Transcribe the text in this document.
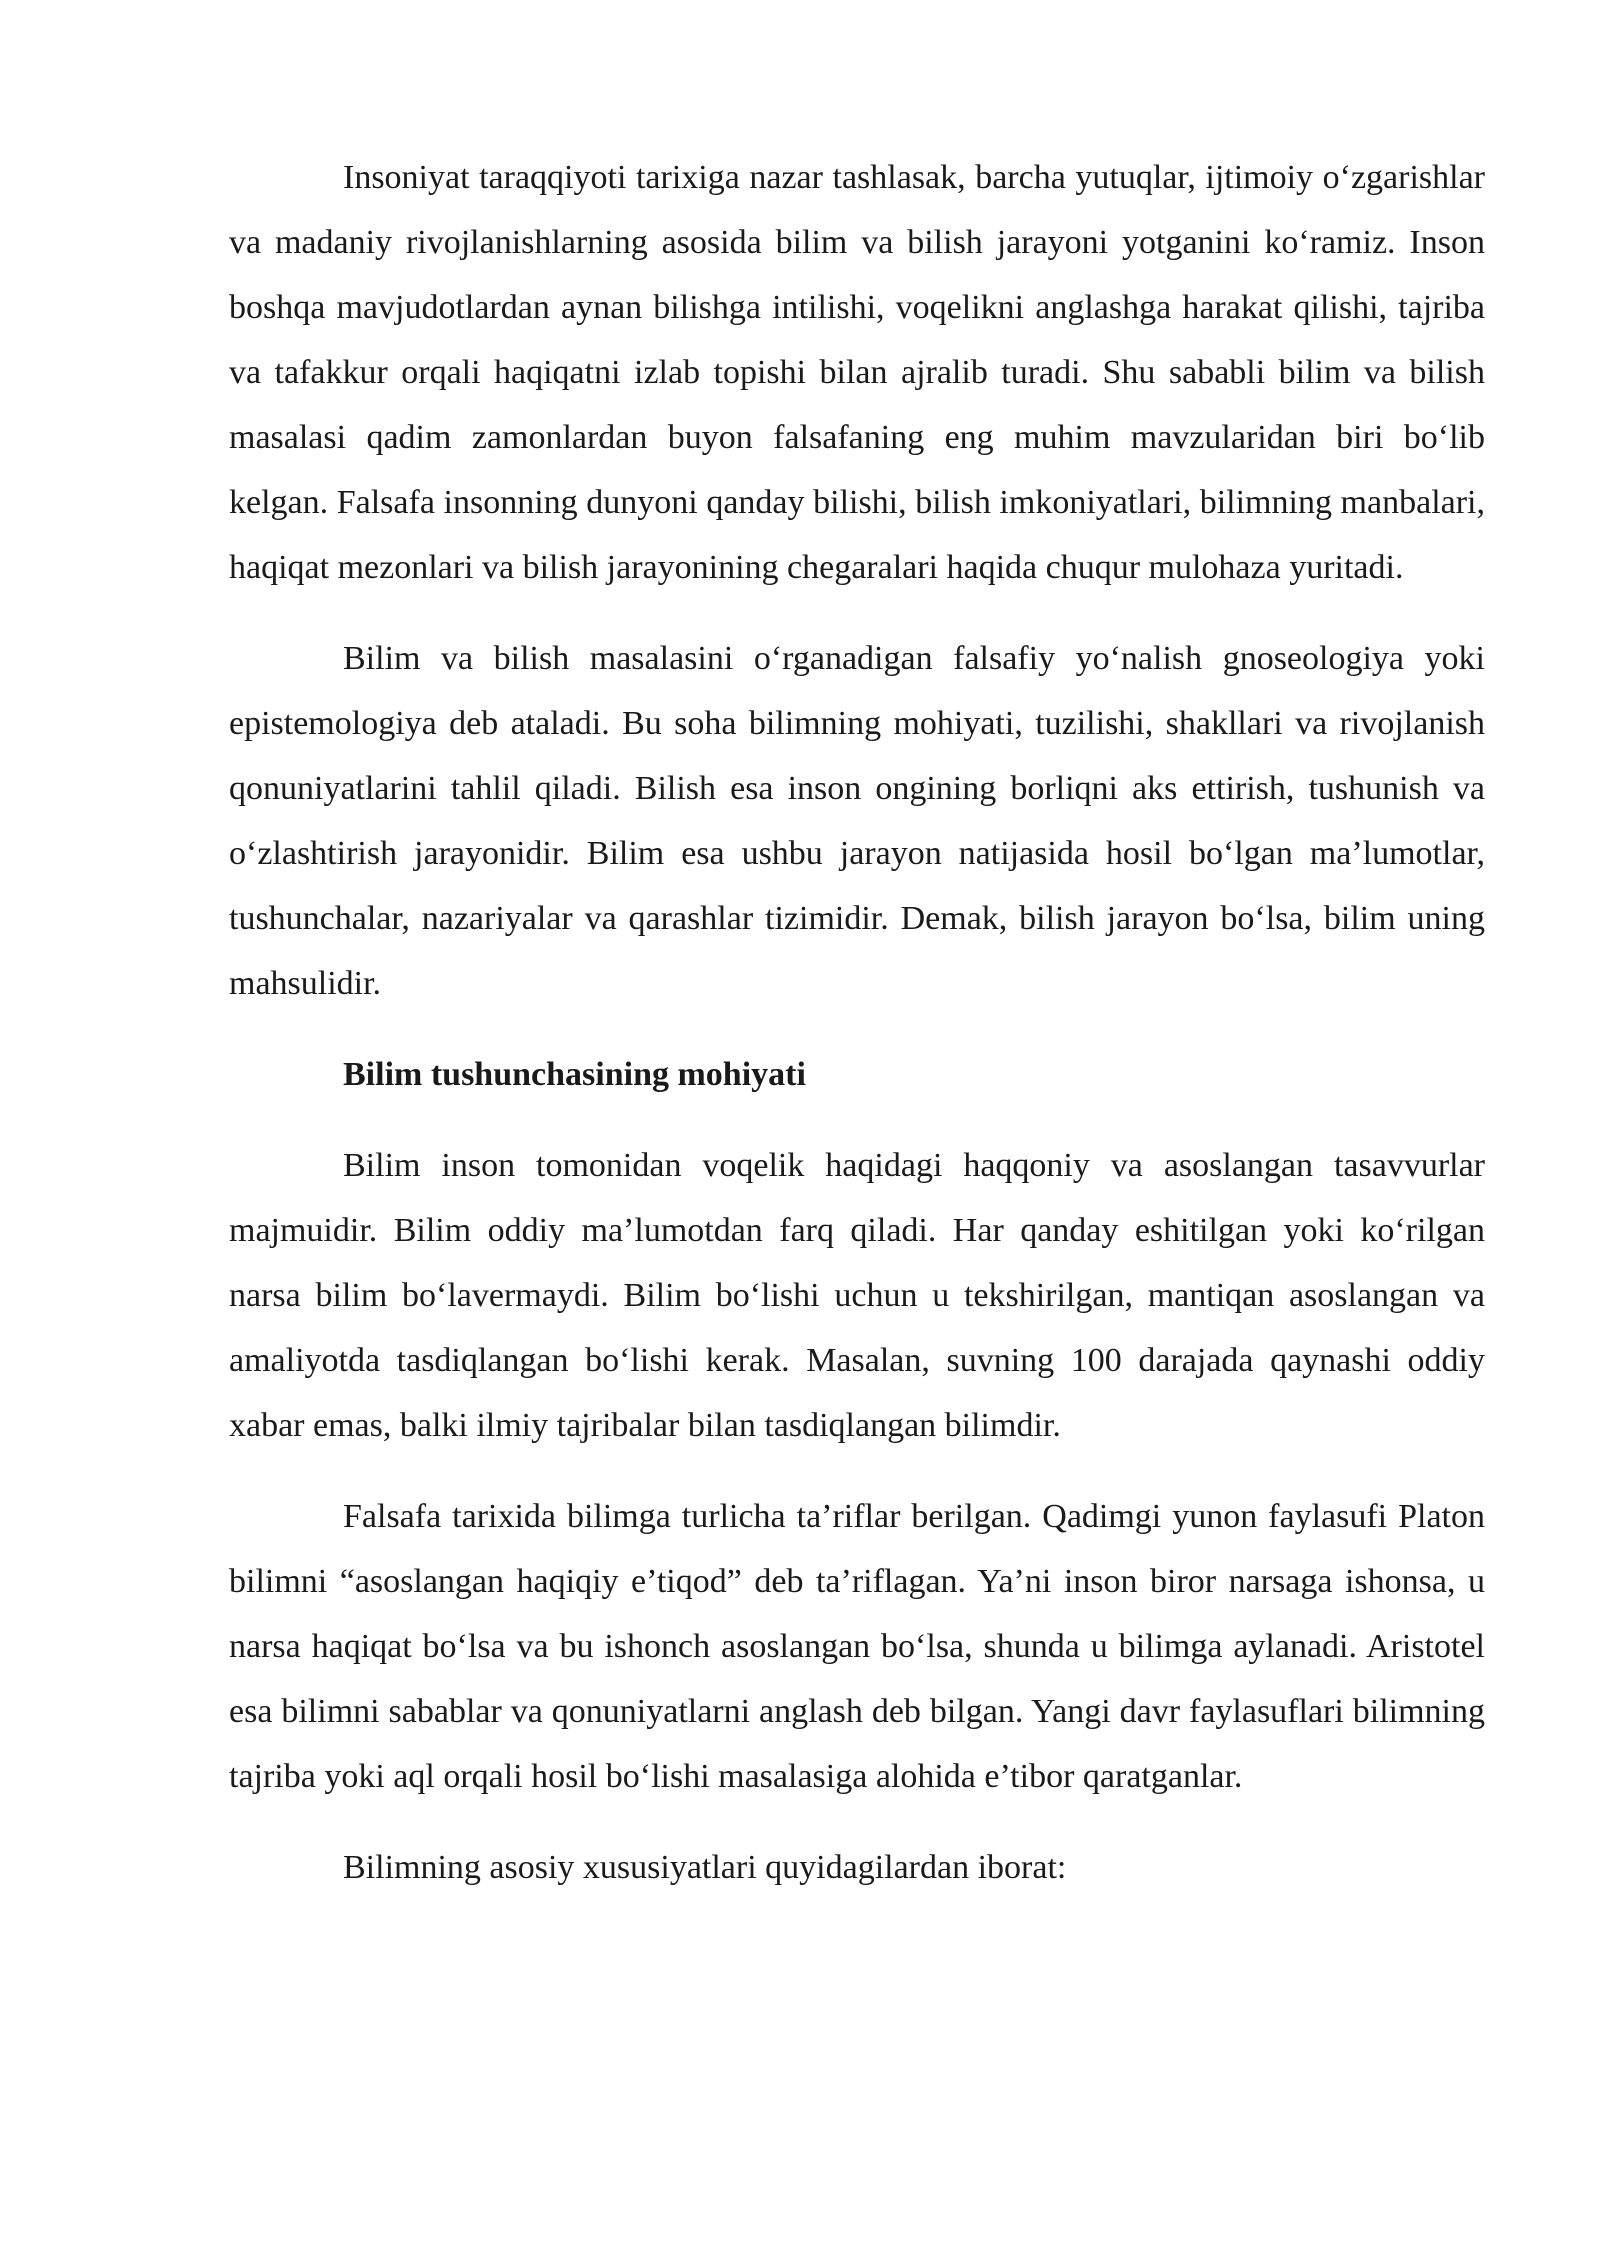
Insoniyat taraqqiyoti tarixiga nazar tashlasak, barcha yutuqlar, ijtimoiy o‘zgarishlar va madaniy rivojlanishlarning asosida bilim va bilish jarayoni yotganini ko‘ramiz. Inson boshqa mavjudotlardan aynan bilishga intilishi, voqelikni anglashga harakat qilishi, tajriba va tafakkur orqali haqiqatni izlab topishi bilan ajralib turadi. Shu sababli bilim va bilish masalasi qadim zamonlardan buyon falsafaning eng muhim mavzularidan biri bo‘lib kelgan. Falsafa insonning dunyoni qanday bilishi, bilish imkoniyatlari, bilimning manbalari, haqiqat mezonlari va bilish jarayonining chegaralari haqida chuqur mulohaza yuritadi.

Bilim va bilish masalasini o‘rganadigan falsafiy yo‘nalish gnoseologiya yoki epistemologiya deb ataladi. Bu soha bilimning mohiyati, tuzilishi, shakllari va rivojlanish qonuniyatlarini tahlil qiladi. Bilish esa inson ongining borliqni aks ettirish, tushunish va o‘zlashtirish jarayonidir. Bilim esa ushbu jarayon natijasida hosil bo‘lgan ma’lumotlar, tushunchalar, nazariyalar va qarashlar tizimidir. Demak, bilish jarayon bo‘lsa, bilim uning mahsulidir.

Bilim tushunchasining mohiyati

Bilim inson tomonidan voqelik haqidagi haqqoniy va asoslangan tasavvurlar majmuidir. Bilim oddiy ma’lumotdan farq qiladi. Har qanday eshitilgan yoki ko‘rilgan narsa bilim bo‘lavermaydi. Bilim bo‘lishi uchun u tekshirilgan, mantiqan asoslangan va amaliyotda tasdiqlangan bo‘lishi kerak. Masalan, suvning 100 darajada qaynashi oddiy xabar emas, balki ilmiy tajribalar bilan tasdiqlangan bilimdir.

Falsafa tarixida bilimga turlicha ta’riflar berilgan. Qadimgi yunon faylasufi Platon bilimni “asoslangan haqiqiy e’tiqod” deb ta’riflagan. Ya’ni inson biror narsaga ishonsa, u narsa haqiqat bo‘lsa va bu ishonch asoslangan bo‘lsa, shunda u bilimga aylanadi. Aristotel esa bilimni sabablar va qonuniyatlarni anglash deb bilgan. Yangi davr faylasuflari bilimning tajriba yoki aql orqali hosil bo‘lishi masalasiga alohida e’tibor qaratganlar.

Bilimning asosiy xususiyatlari quyidagilardan iborat:
